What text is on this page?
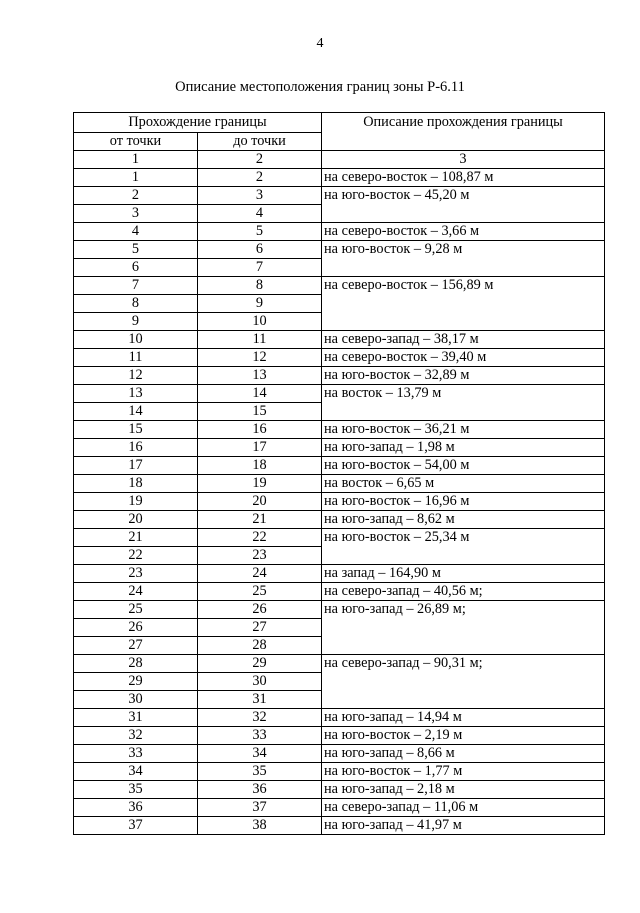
4
Описание местоположения границ зоны Р-6.11
Прохождение границы		Описание прохождения границы
от точки	до точки	
1	2	3
1	2	на северо-восток – 108,87 м
2	3	на юго-восток – 45,20 м
3	4	
4	5	на северо-восток – 3,66 м
5	6	на юго-восток – 9,28 м
6	7	
7	8	на северо-восток – 156,89 м
8	9	
9	10	
10	11	на северо-запад – 38,17 м
11	12	на северо-восток – 39,40 м
12	13	на юго-восток – 32,89 м
13	14	на восток – 13,79 м
14	15	
15	16	на юго-восток – 36,21 м
16	17	на юго-запад – 1,98 м
17	18	на юго-восток – 54,00 м
18	19	на восток – 6,65 м
19	20	на юго-восток – 16,96 м
20	21	на юго-запад – 8,62 м
21	22	на юго-восток – 25,34 м
22	23	
23	24	на запад – 164,90 м
24	25	на северо-запад – 40,56 м;
25	26	на юго-запад – 26,89 м;
26	27	
27	28	
28	29	на северо-запад – 90,31 м;
29	30	
30	31	
31	32	на юго-запад – 14,94 м
32	33	на юго-восток – 2,19 м
33	34	на юго-запад – 8,66 м
34	35	на юго-восток – 1,77 м
35	36	на юго-запад – 2,18 м
36	37	на северо-запад – 11,06 м
37	38	на юго-запад – 41,97 м
